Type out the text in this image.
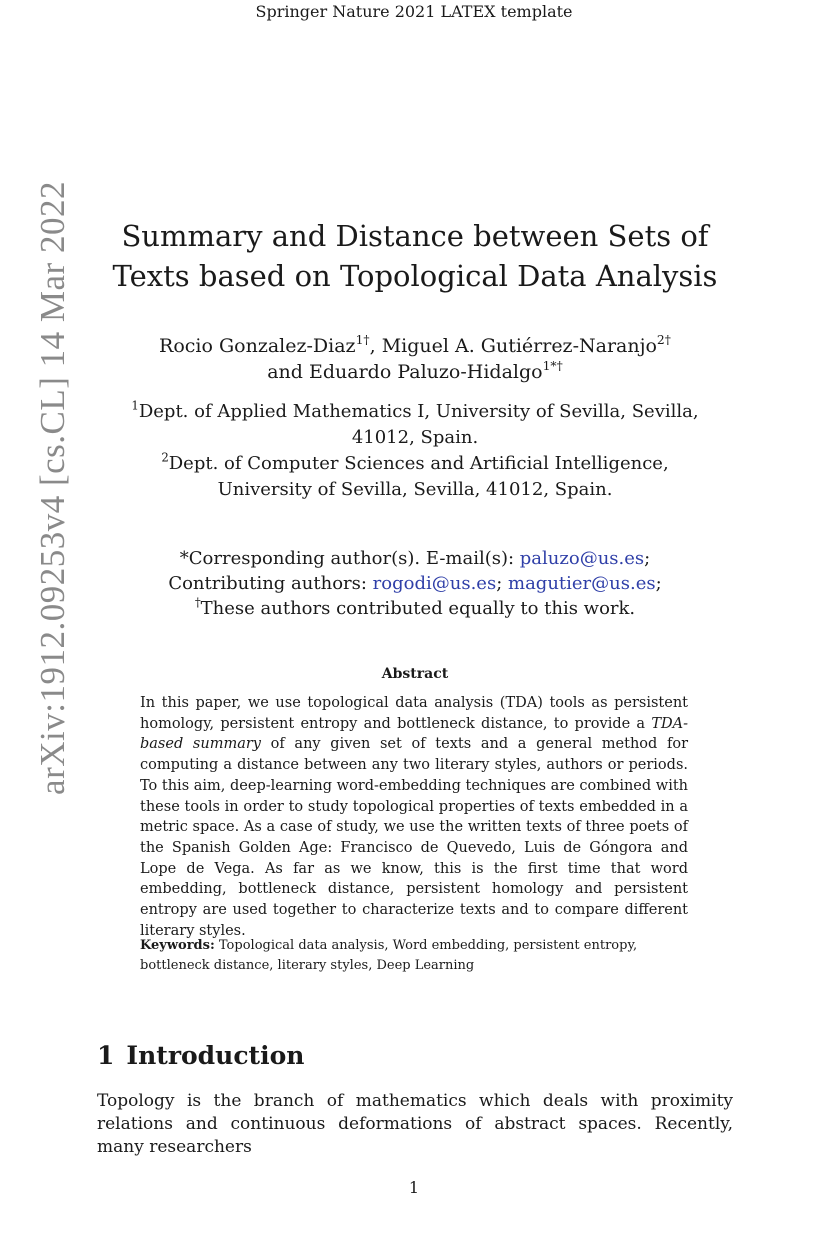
Springer Nature 2021 LATEX template
arXiv:1912.09253v4 [cs.CL] 14 Mar 2022	Summary and Distance between Sets of
Texts based on Topological Data Analysis
Rocio Gonzalez-Diaz$^{1\dagger}$, Miguel A. Gutiérrez-Naranjo$^{2\dagger}$
and Eduardo Paluzo-Hidalgo$^{1*\dagger}$
$^1$Dept. of Applied Mathematics I, University of Sevilla, Sevilla,
41012, Spain.
$^2$Dept. of Computer Sciences and Artificial Intelligence,
University of Sevilla, Sevilla, 41012, Spain.
*Corresponding author(s). E-mail(s): paluzo@us.es;
Contributing authors: rogodi@us.es; magutier@us.es;
†These authors contributed equally to this work.
Abstract
In this paper, we use topological data analysis (TDA) tools as persistent homology, persistent entropy and bottleneck distance, to provide a TDA-based summary of any given set of texts and a general method for computing a distance between any two literary styles, authors or periods. To this aim, deep-learning word-embedding techniques are combined with these tools in order to study topological properties of texts embedded in a metric space. As a case of study, we use the written texts of three poets of the Spanish Golden Age: Francisco de Quevedo, Luis de Góngora and Lope de Vega. As far as we know, this is the first time that word embedding, bottleneck distance, persistent homology and persistent entropy are used together to characterize texts and to compare different literary styles.
Keywords: Topological data analysis, Word embedding, persistent entropy, bottleneck distance, literary styles, Deep Learning
1 Introduction
Topology is the branch of mathematics which deals with proximity relations and continuous deformations of abstract spaces. Recently, many researchers
1
